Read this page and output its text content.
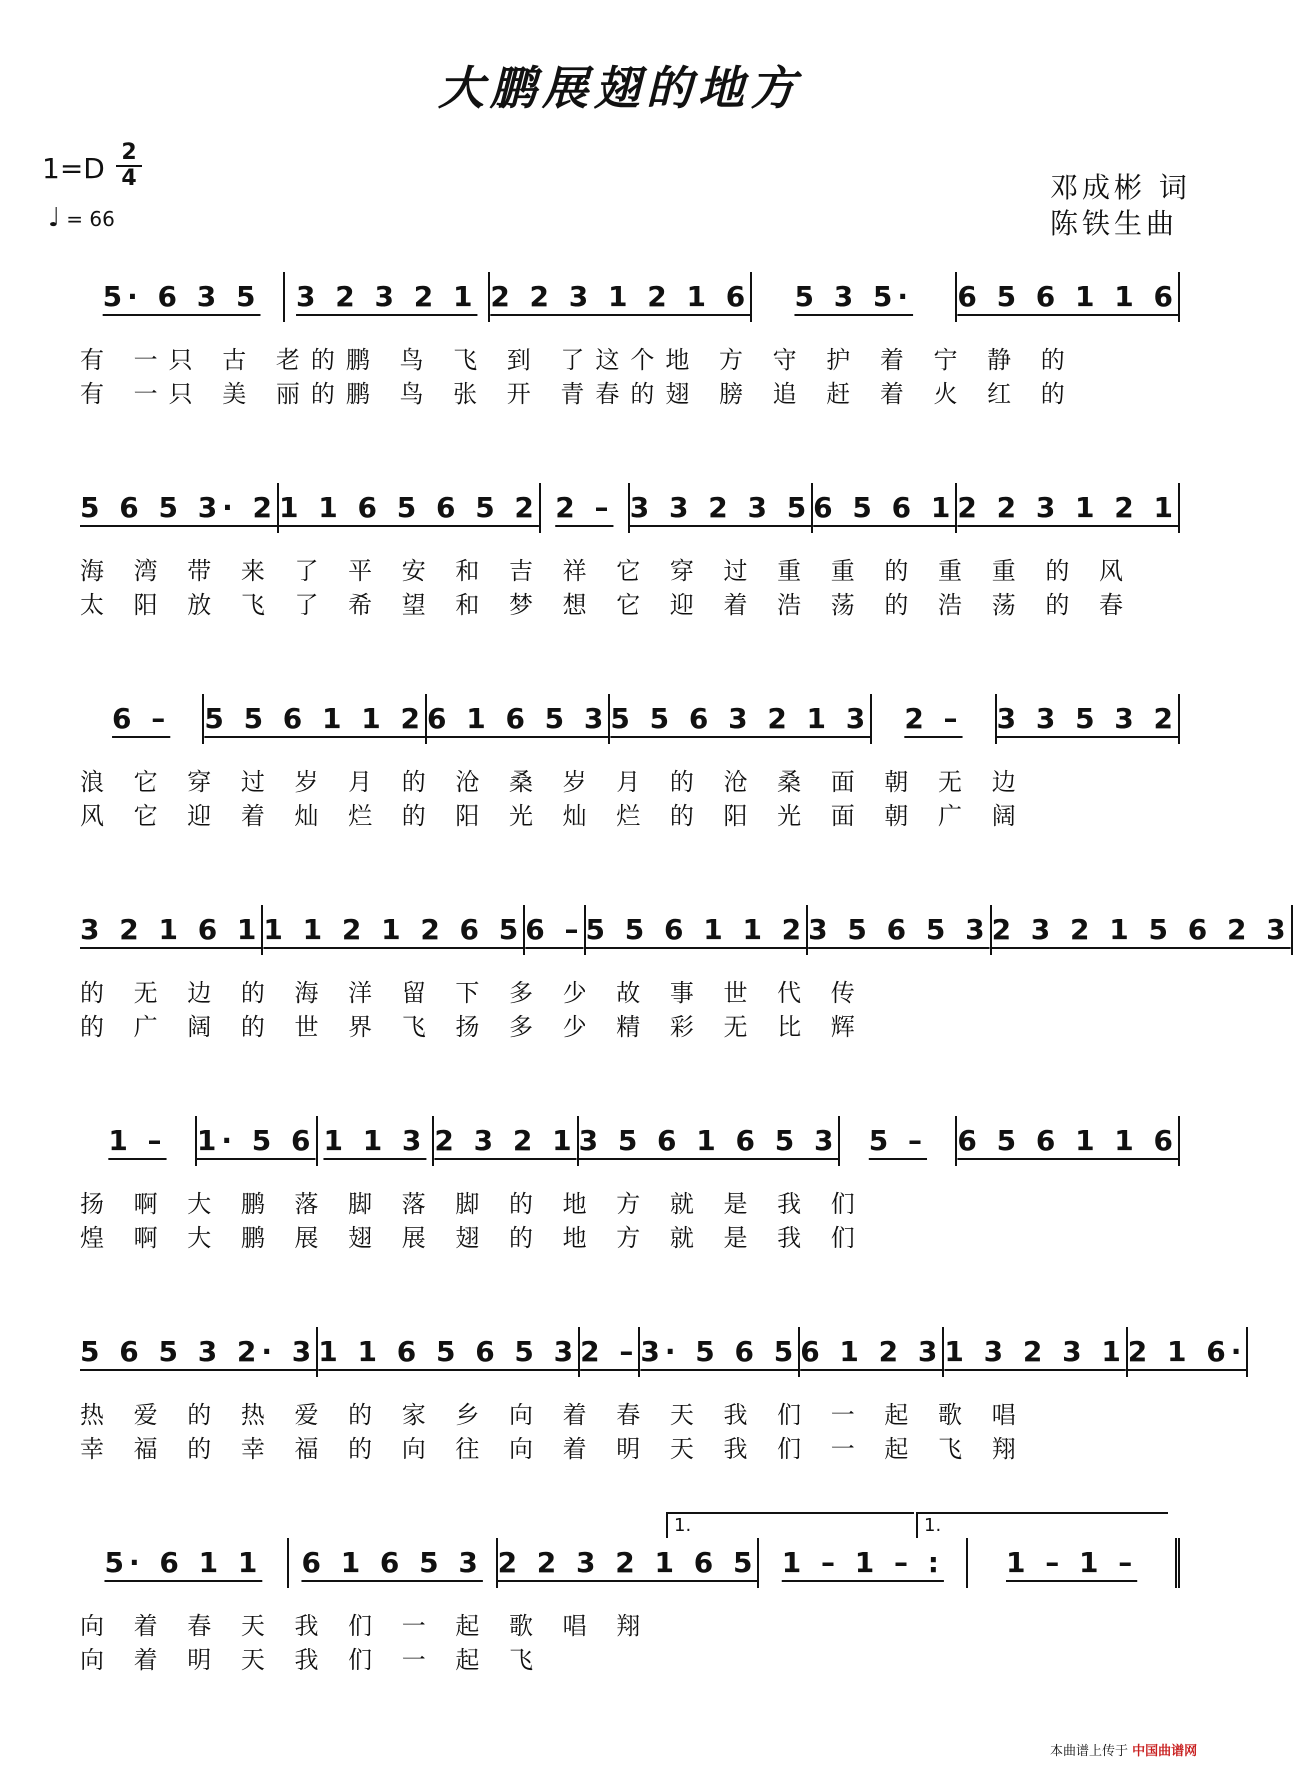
大鹏展翅的地方
1=D 2
4
♩ = 66
邓成彬 词
陈铁生曲
5· 6 3 5	3 2 3 2 1 2 2 3 1 2 1 6	5 3 5·	6 5 6 1 1 6
有 一只 古 老的鹏 鸟 飞 到 了这个地 方 守 护 着 宁 静 的
有 一只 美 丽的鹏 鸟 张 开 青春的翅 膀 追 赶 着 火 红 的
5 6 5 3· 2 1 1 6 5 6 5 2 2 – 3 3 2 3 5 6 5 6 1 2 2 3 1 2 1
海 湾 带 来 了 平 安 和 吉 祥 它 穿 过 重 重 的 重 重 的 风
太 阳 放 飞 了 希 望 和 梦 想 它 迎 着 浩 荡 的 浩 荡 的 春
6 –	5 5 6 1 1 2 6 1 6 5 3 5 5 6 3 2 1 3	2 –	3 3 5 3 2
浪 它 穿 过 岁 月 的 沧 桑 岁 月 的 沧 桑 面 朝 无 边
风 它 迎 着 灿 烂 的 阳 光 灿 烂 的 阳 光 面 朝 广 阔
3 2 1 6 1 1 1 2 1 2 6 5 6 – 5 5 6 1 1 2 3 5 6 5 3 2 3 2 1 5 6 2 3
的 无 边 的 海 洋 留 下 多 少 故 事 世 代 传
的 广 阔 的 世 界 飞 扬 多 少 精 彩 无 比 辉
1 –	1· 5 6 1 1 3 2 3 2 1 3 5 6 1 6 5 3	5 –	6 5 6 1 1 6
扬 啊 大 鹏 落 脚 落 脚 的 地 方 就 是 我 们
煌 啊 大 鹏 展 翅 展 翅 的 地 方 就 是 我 们
5 6 5 3 2· 3 1 1 6 5 6 5 3 2 – 3· 5 6 5 6 1 2 3 1 3 2 3 1 2 1 6·
热 爱 的 热 爱 的 家 乡 向 着 春 天 我 们 一 起 歌 唱
幸 福 的 幸 福 的 向 往 向 着 明 天 我 们 一 起 飞 翔
1.	1.
5· 6 1 1	6 1 6 5 3 2 2 3 2 1 6 5 1 – 1 – :	1 – 1 –
向 着 春 天 我 们 一 起 歌 唱 翔
向 着 明 天 我 们 一 起 飞
本曲谱上传于 中国曲谱网
